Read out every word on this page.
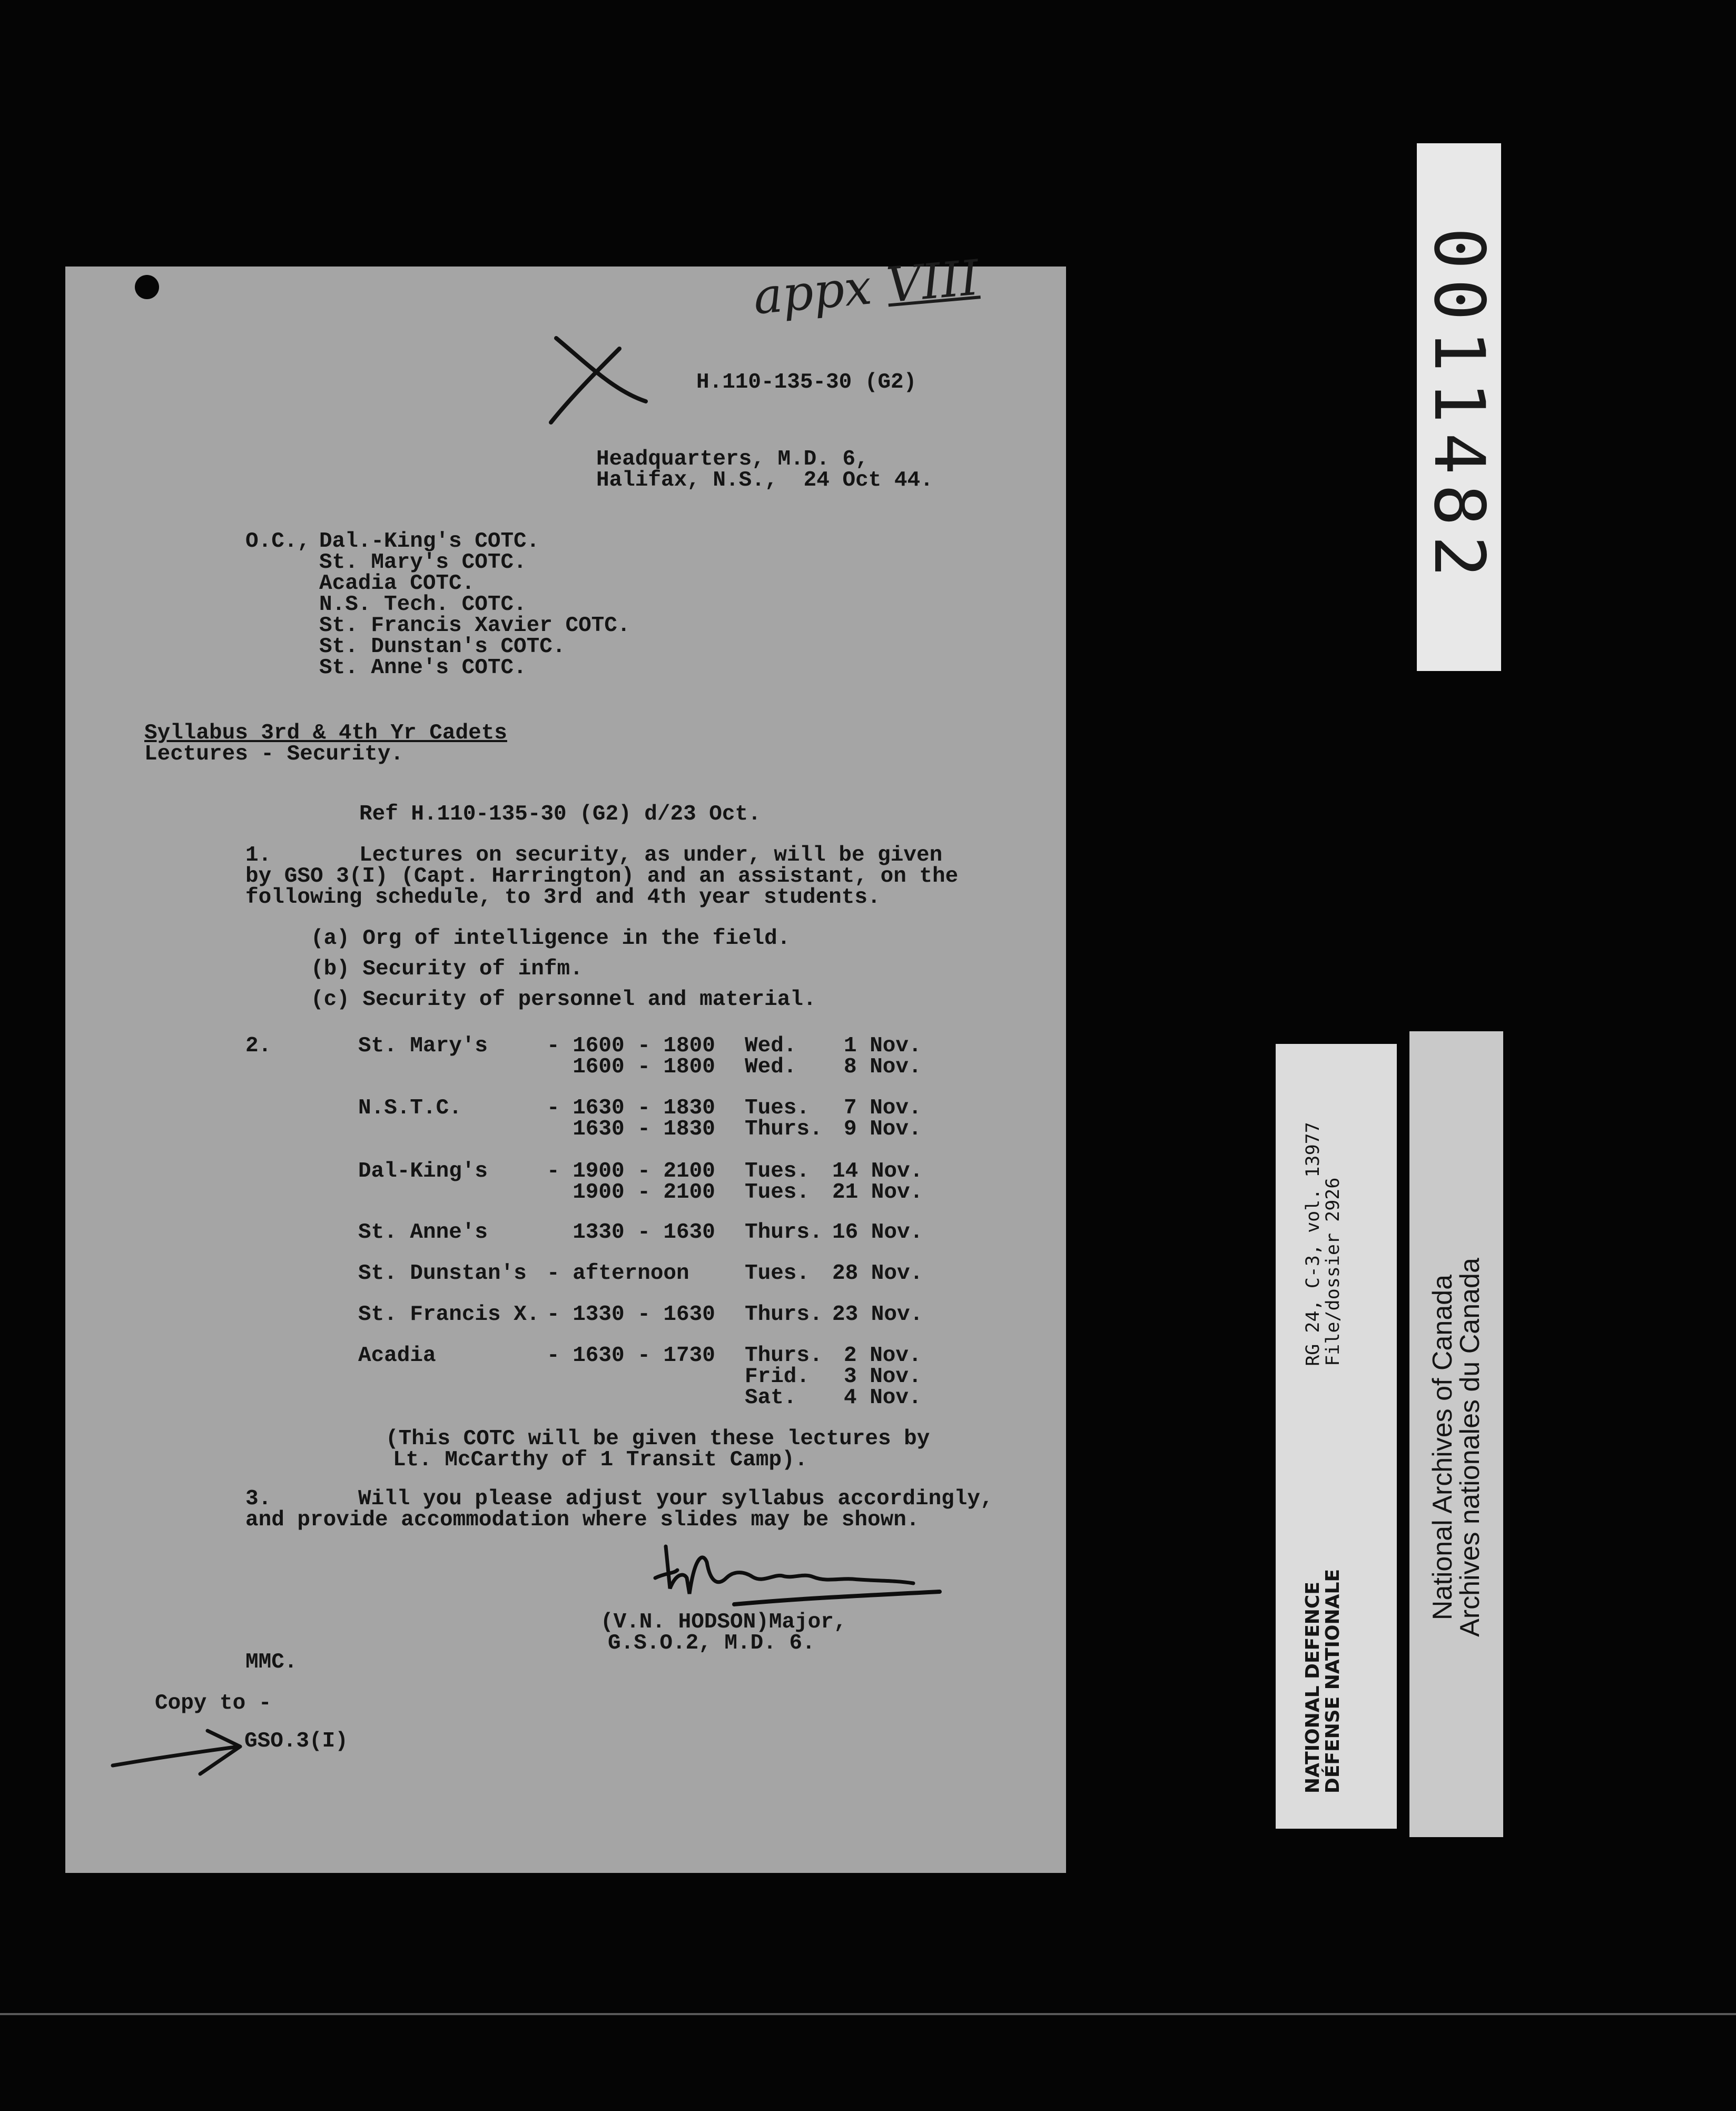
0011482
appx VIII
H.110-135-30 (G2)
Headquarters, M.D. 6,
Halifax, N.S.,  24 Oct 44.
O.C., Dal.-King's COTC.
St. Mary's COTC.
Acadia COTC.
N.S. Tech. COTC.
St. Francis Xavier COTC.
St. Dunstan's COTC.
St. Anne's COTC.
Syllabus 3rd & 4th Yr Cadets
Lectures - Security.
Ref H.110-135-30 (G2) d/23 Oct.
1.	Lectures on security, as under, will be given
by GSO 3(I) (Capt. Harrington) and an assistant, on the
following schedule, to 3rd and 4th year students.
(a) Org of intelligence in the field.
(b) Security of infm.
(c) Security of personnel and material.
2.	St. Mary's	- 1600 - 1800 Wed. 1 Nov.
1600 - 1800 Wed. 8 Nov.
N.S.T.C.	- 1630 - 1830 Tues. 7 Nov.
1630 - 1830 Thurs. 9 Nov.
Dal-King's	- 1900 - 2100 Tues. 14 Nov.
1900 - 2100 Tues. 21 Nov.
St. Anne's	1330 - 1630 Thurs. 16 Nov.
St. Dunstan's - afternoon	Tues. 28 Nov.
St. Francis X. - 1330 - 1630 Thurs. 23 Nov.
Acadia	- 1630 - 1730 Thurs. 2 Nov.
Frid. 3 Nov.
Sat. 4 Nov.
(This COTC will be given these lectures by
Lt. McCarthy of 1 Transit Camp).
3.	Will you please adjust your syllabus accordingly,
and provide accommodation where slides may be shown.
(V.N. HODSON)Major,
G.S.O.2, M.D. 6.
MMC.
Copy to -
GSO.3(I)
RG 24, C-3, vol. 13977
File/dossier 2926
NATIONAL DEFENCE
DÉFENSE NATIONALE
National Archives of Canada
Archives nationales du Canada
